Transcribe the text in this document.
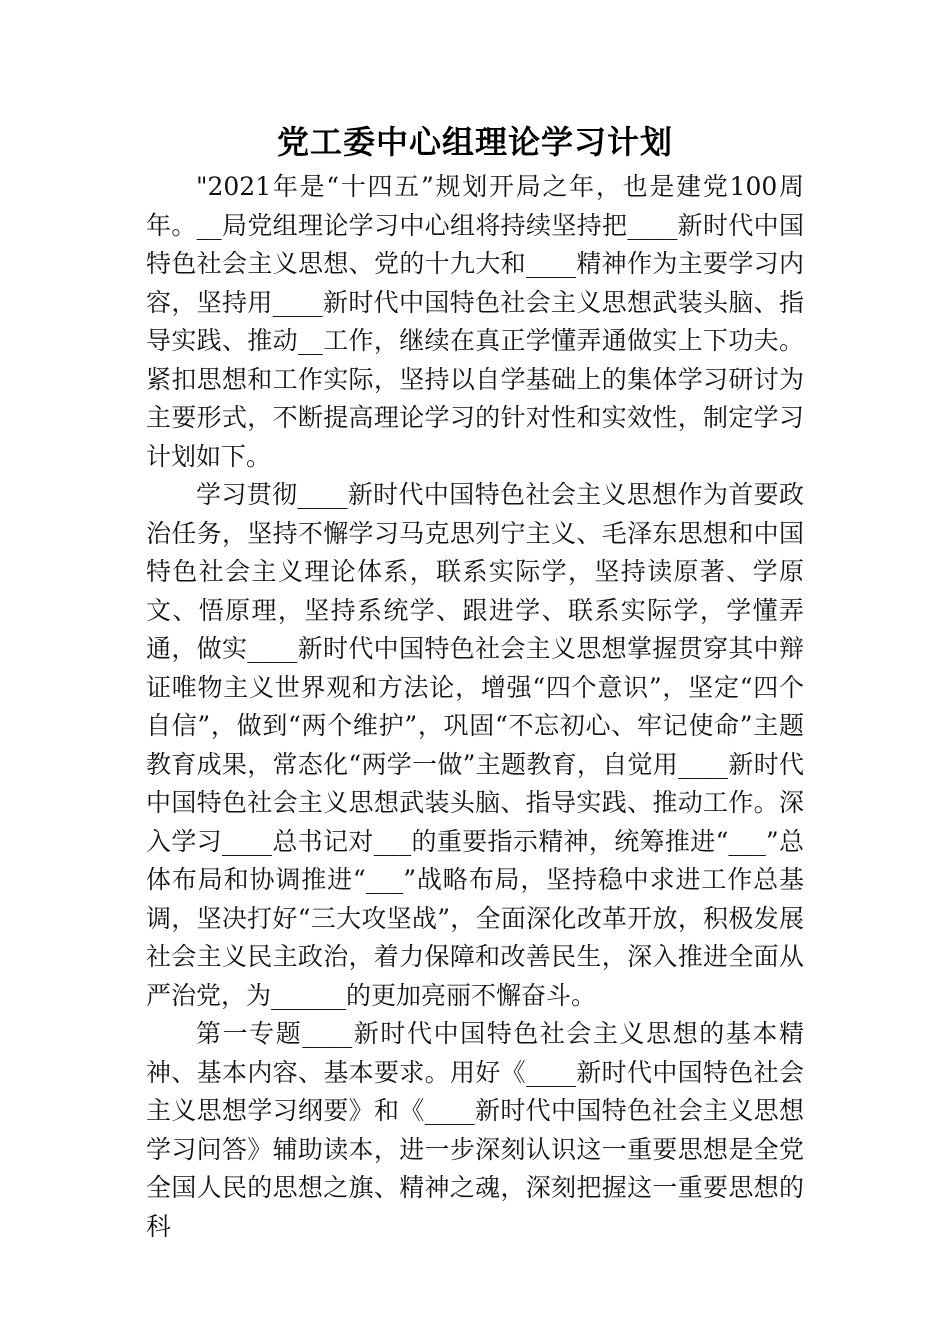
党工委中心组理论学习计划

"2021年是“十四五”规划开局之年，也是建党100周年。__局党组理论学习中心组将持续坚持把____新时代中国特色社会主义思想、党的十九大和____精神作为主要学习内容，坚持用____新时代中国特色社会主义思想武装头脑、指导实践、推动__工作，继续在真正学懂弄通做实上下功夫。紧扣思想和工作实际，坚持以自学基础上的集体学习研讨为主要形式，不断提高理论学习的针对性和实效性，制定学习计划如下。

学习贯彻____新时代中国特色社会主义思想作为首要政治任务，坚持不懈学习马克思列宁主义、毛泽东思想和中国特色社会主义理论体系，联系实际学，坚持读原著、学原文、悟原理，坚持系统学、跟进学、联系实际学，学懂弄通，做实____新时代中国特色社会主义思想掌握贯穿其中辩证唯物主义世界观和方法论，增强“四个意识”，坚定“四个自信”，做到“两个维护”，巩固“不忘初心、牢记使命”主题教育成果，常态化“两学一做”主题教育，自觉用____新时代中国特色社会主义思想武装头脑、指导实践、推动工作。深入学习____总书记对___的重要指示精神，统筹推进“___”总体布局和协调推进“___”战略布局，坚持稳中求进工作总基调，坚决打好“三大攻坚战”，全面深化改革开放，积极发展社会主义民主政治，着力保障和改善民生，深入推进全面从严治党，为______的更加亮丽不懈奋斗。

第一专题____新时代中国特色社会主义思想的基本精神、基本内容、基本要求。用好《____新时代中国特色社会主义思想学习纲要》和《____新时代中国特色社会主义思想学习问答》辅助读本，进一步深刻认识这一重要思想是全党全国人民的思想之旗、精神之魂，深刻把握这一重要思想的科
